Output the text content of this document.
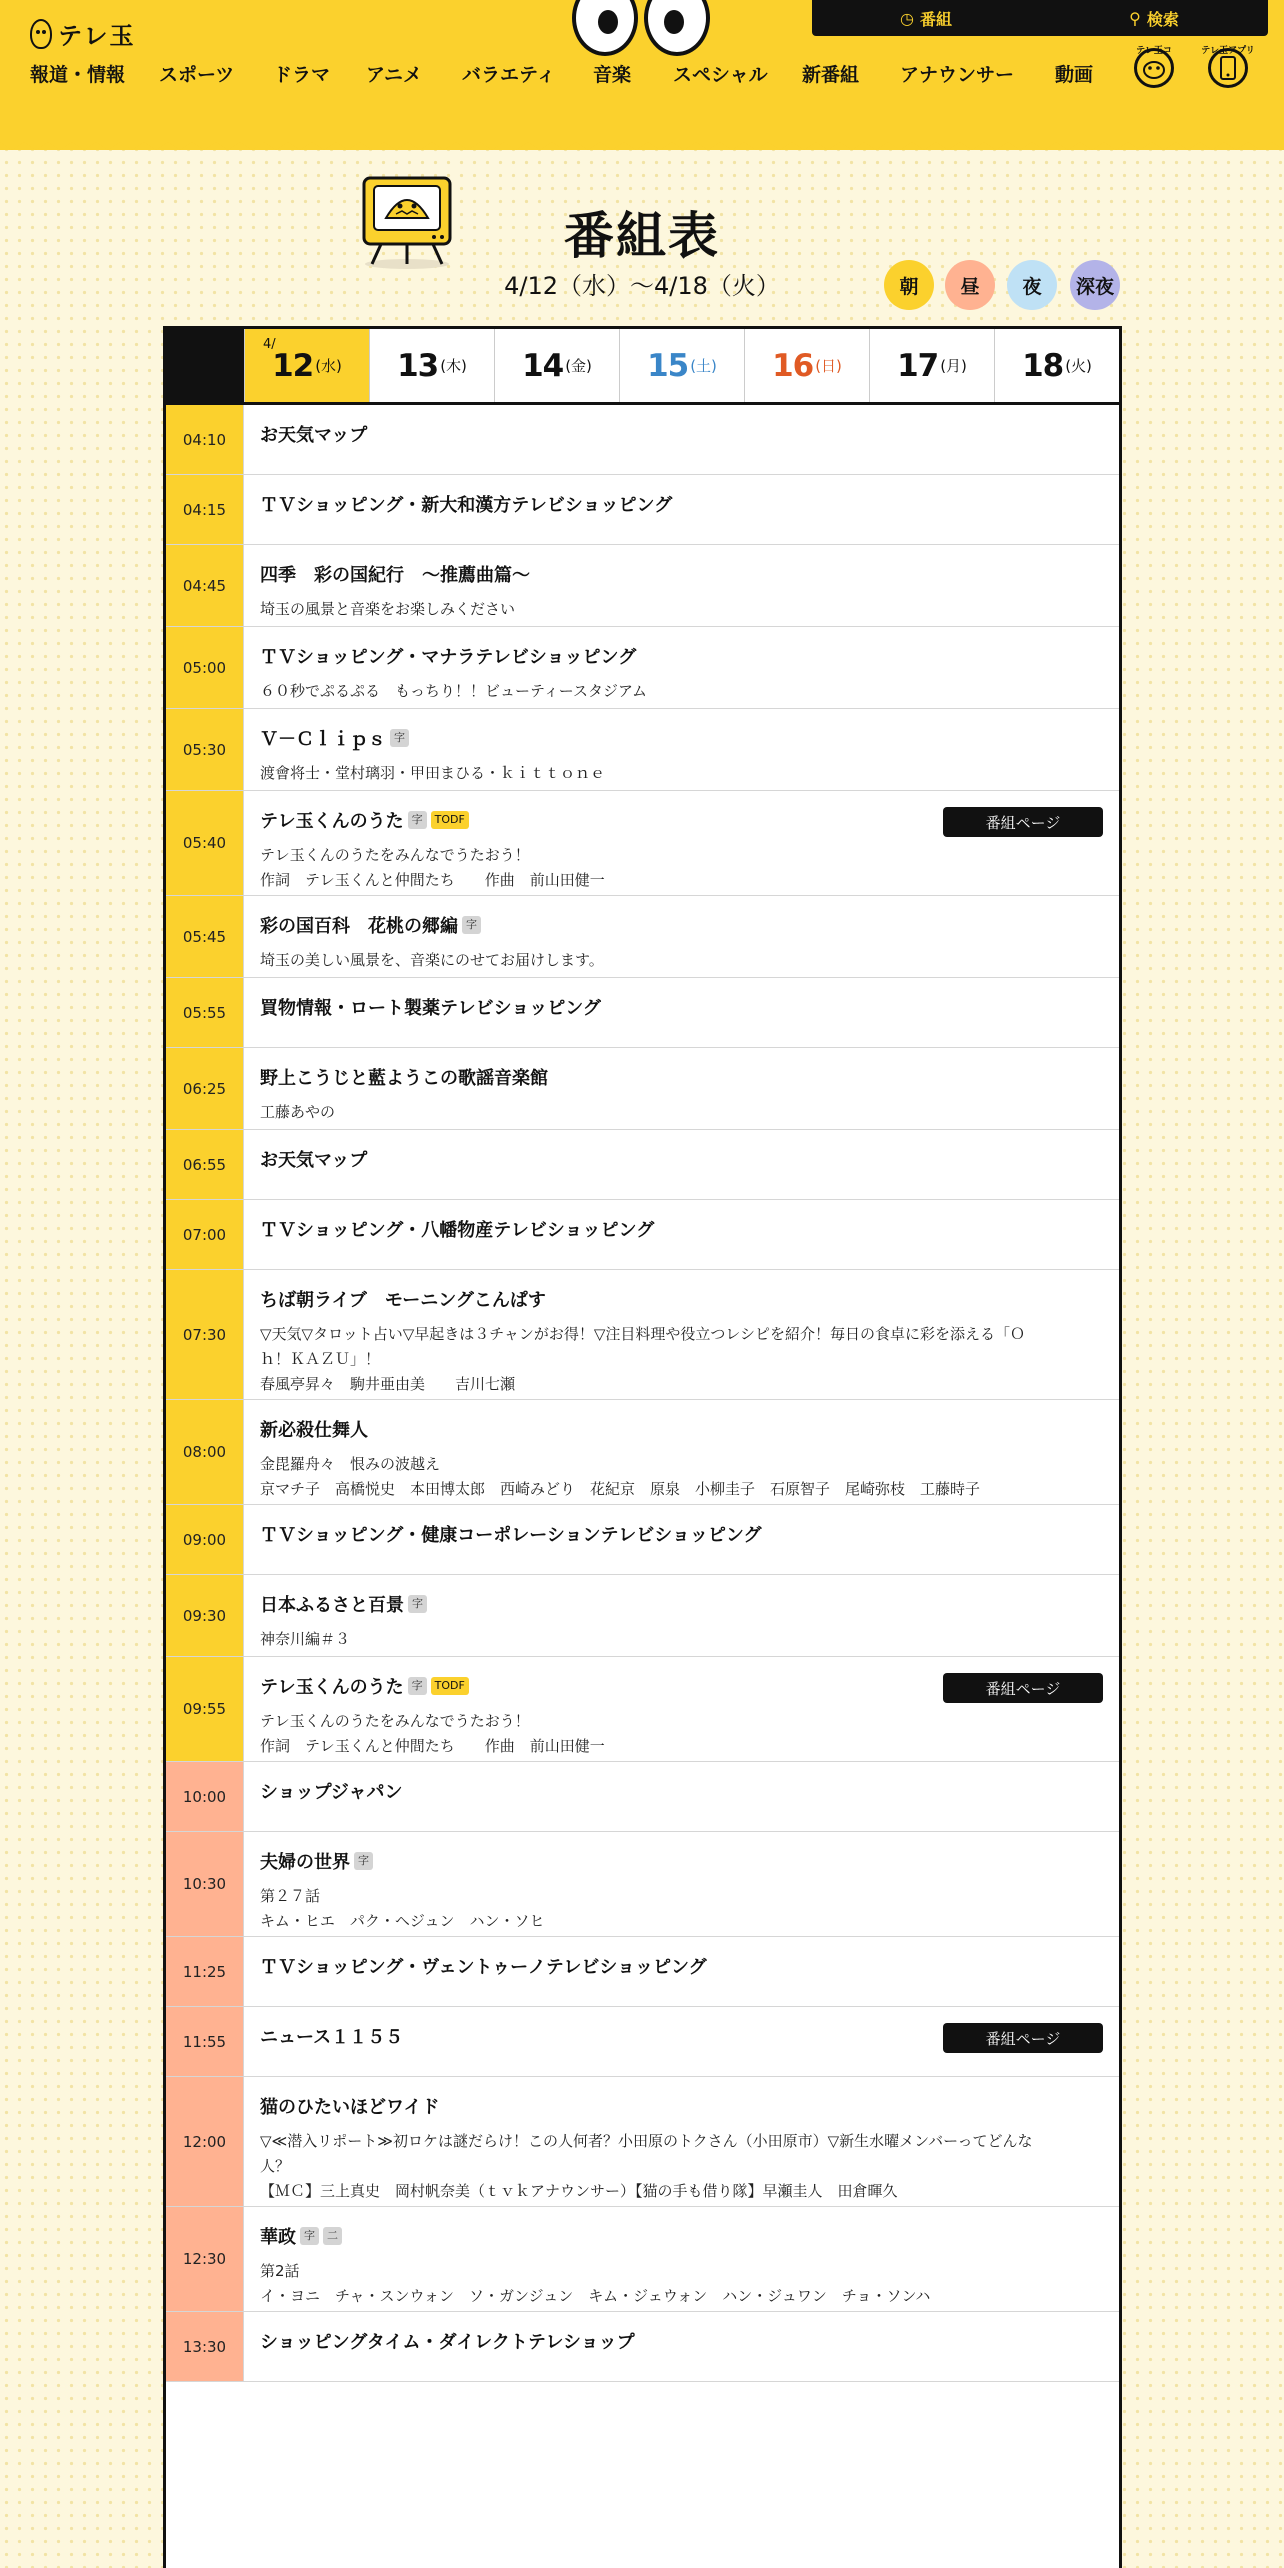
テレ玉
◷ 番組	⚲ 検索
報道・情報 スポーツ ドラマ アニメ バラエティ 音楽 スペシャル 新番組 アナウンサー 動画
テレ玉コ	テレ玉アプリ
番組表
4/12（水）〜4/18（火）	朝	昼	夜	深夜
4/
12 (水) 13 (木) 14 (金) 15 (土) 16 (日) 17 (月) 18 (火)
04:10	お天気マップ
04:15	ＴＶショッピング・新大和漢方テレビショッピング
04:45	四季　彩の国紀行　～推薦曲篇～
埼玉の風景と音楽をお楽しみください
05:00	ＴＶショッピング・マナラテレビショッピング
６０秒でぷるぷる　もっちり！！ビューティースタジアム
05:30	Ｖ－Ｃｌｉｐｓ 字
渡會将士・堂村璃羽・甲田まひる・ｋｉｔｔｏｎｅ
05:40
テレ玉くんのうた 字	TODF
テレ玉くんのうたをみんなでうたおう！
作詞　テレ玉くんと仲間たち　　作曲　前山田健一
番組ページ
05:45	彩の国百科　花桃の郷編 字
埼玉の美しい風景を、音楽にのせてお届けします。
05:55	買物情報・ロート製薬テレビショッピング
06:25	野上こうじと藍ようこの歌謡音楽館
工藤あやの
06:55	お天気マップ
07:00	ＴＶショッピング・八幡物産テレビショッピング
07:30
ちば朝ライブ　モーニングこんぱす
▽天気▽タロット占い▽早起きは３チャンがお得！▽注目料理や役立つレシピを紹介！毎日の食卓に彩を添える「Ｏ
ｈ！ＫＡＺＵ」！
春風亭昇々　駒井亜由美　　吉川七瀬
08:00
新必殺仕舞人
金毘羅舟々　恨みの波越え
京マチ子　高橋悦史　本田博太郎　西崎みどり　花紀京　原泉　小柳圭子　石原智子　尾崎弥枝　工藤時子
09:00	ＴＶショッピング・健康コーポレーションテレビショッピング
09:30	日本ふるさと百景 字
神奈川編＃３
09:55
テレ玉くんのうた 字	TODF
テレ玉くんのうたをみんなでうたおう！
作詞　テレ玉くんと仲間たち　　作曲　前山田健一
番組ページ
10:00	ショップジャパン
10:30
夫婦の世界 字
第２７話
キム・ヒエ　パク・ヘジュン　ハン・ソヒ
11:25	ＴＶショッピング・ヴェントゥーノテレビショッピング
11:55	ニュース１１５５	番組ページ
12:00
猫のひたいほどワイド
▽≪潜入リポート≫初ロケは謎だらけ！この人何者？小田原のトクさん（小田原市）▽新生水曜メンバーってどんな
人？
【ＭＣ】三上真史　岡村帆奈美（ｔｖｋアナウンサー）【猫の手も借り隊】早瀬圭人　田倉暉久
12:30
華政 字	二
第2話
イ・ヨニ　チャ・スンウォン　ソ・ガンジュン　キム・ジェウォン　ハン・ジュワン　チョ・ソンハ
13:30	ショッピングタイム・ダイレクトテレショップ
